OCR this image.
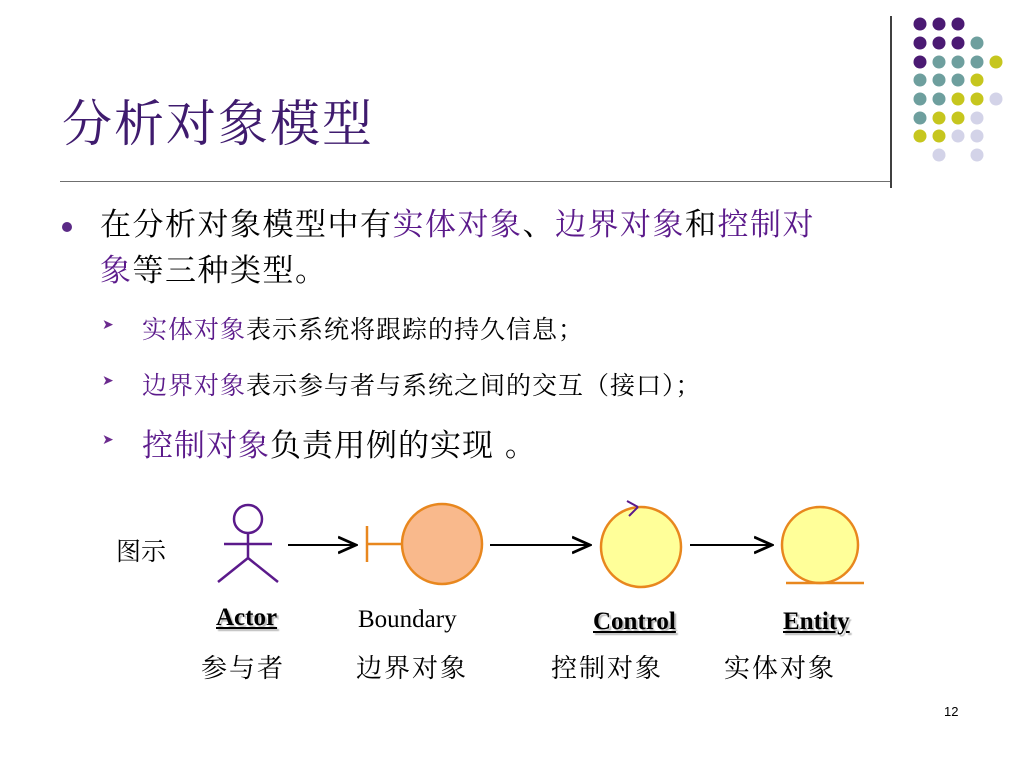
分析对象模型
在分析对象模型中有实体对象、边界对象和控制对
象等三种类型。
➤ 实体对象表示系统将跟踪的持久信息；
➤ 边界对象表示参与者与系统之间的交互（接口）；
➤ 控制对象负责用例的实现 。
图示
Actor	Boundary	Control	Entity
参与者	边界对象	控制对象 实体对象
12
